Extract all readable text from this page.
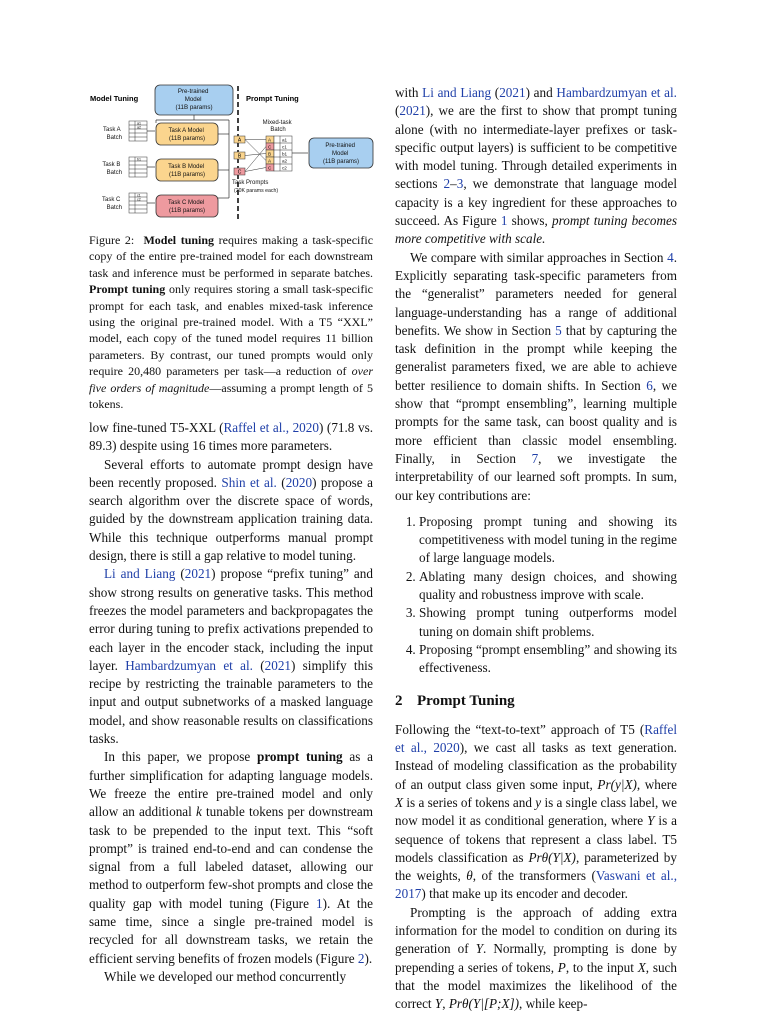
Pre-trained Model (11B params)
Model Tuning	Prompt Tuning
Task A Batch
a1 a2
Task A Model (11B params)
Task B Batch
b1
Task B Model (11B params)
Task C Batch
c1 c2
Task C Model (11B params)
Mixed-task Batch
A
B
C
A C B A C
a1 c1 b1 a2 c2
Pre-trained Model (11B params)
Task Prompts (20K params each)

Figure 2: Model tuning requires making a task-specific copy of the entire pre-trained model for each downstream task and inference must be performed in separate batches. Prompt tuning only requires storing a small task-specific prompt for each task, and enables mixed-task inference using the original pre-trained model. With a T5 “XXL” model, each copy of the tuned model requires 11 billion parameters. By contrast, our tuned prompts would only require 20,480 parameters per task—a reduction of over five orders of magnitude—assuming a prompt length of 5 tokens.

low fine-tuned T5-XXL (Raffel et al., 2020) (71.8 vs. 89.3) despite using 16 times more parameters.

Several efforts to automate prompt design have been recently proposed. Shin et al. (2020) propose a search algorithm over the discrete space of words, guided by the downstream application training data. While this technique outperforms manual prompt design, there is still a gap relative to model tuning.

Li and Liang (2021) propose “prefix tuning” and show strong results on generative tasks. This method freezes the model parameters and backpropagates the error during tuning to prefix activations prepended to each layer in the encoder stack, including the input layer. Hambardzumyan et al. (2021) simplify this recipe by restricting the trainable parameters to the input and output subnetworks of a masked language model, and show reasonable results on classifications tasks.

In this paper, we propose prompt tuning as a further simplification for adapting language models. We freeze the entire pre-trained model and only allow an additional k tunable tokens per downstream task to be prepended to the input text. This “soft prompt” is trained end-to-end and can condense the signal from a full labeled dataset, allowing our method to outperform few-shot prompts and close the quality gap with model tuning (Figure 1). At the same time, since a single pre-trained model is recycled for all downstream tasks, we retain the efficient serving benefits of frozen models (Figure 2).

While we developed our method concurrently

with Li and Liang (2021) and Hambardzumyan et al. (2021), we are the first to show that prompt tuning alone (with no intermediate-layer prefixes or task-specific output layers) is sufficient to be competitive with model tuning. Through detailed experiments in sections 2–3, we demonstrate that language model capacity is a key ingredient for these approaches to succeed. As Figure 1 shows, prompt tuning becomes more competitive with scale.

We compare with similar approaches in Section 4. Explicitly separating task-specific parameters from the “generalist” parameters needed for general language-understanding has a range of additional benefits. We show in Section 5 that by capturing the task definition in the prompt while keeping the generalist parameters fixed, we are able to achieve better resilience to domain shifts. In Section 6, we show that “prompt ensembling”, learning multiple prompts for the same task, can boost quality and is more efficient than classic model ensembling. Finally, in Section 7, we investigate the interpretability of our learned soft prompts. In sum, our key contributions are:

1. Proposing prompt tuning and showing its competitiveness with model tuning in the regime of large language models.
2. Ablating many design choices, and showing quality and robustness improve with scale.
3. Showing prompt tuning outperforms model tuning on domain shift problems.
4. Proposing “prompt ensembling” and showing its effectiveness.
2 Prompt Tuning

Following the “text-to-text” approach of T5 (Raffel et al., 2020), we cast all tasks as text generation. Instead of modeling classification as the probability of an output class given some input, Pr(y|X), where X is a series of tokens and y is a single class label, we now model it as conditional generation, where Y is a sequence of tokens that represent a class label. T5 models classification as Prθ(Y|X), parameterized by the weights, θ, of the transformers (Vaswani et al., 2017) that make up its encoder and decoder.

Prompting is the approach of adding extra information for the model to condition on during its generation of Y. Normally, prompting is done by prepending a series of tokens, P, to the input X, such that the model maximizes the likelihood of the correct Y, Prθ(Y|[P;X]), while keep-
